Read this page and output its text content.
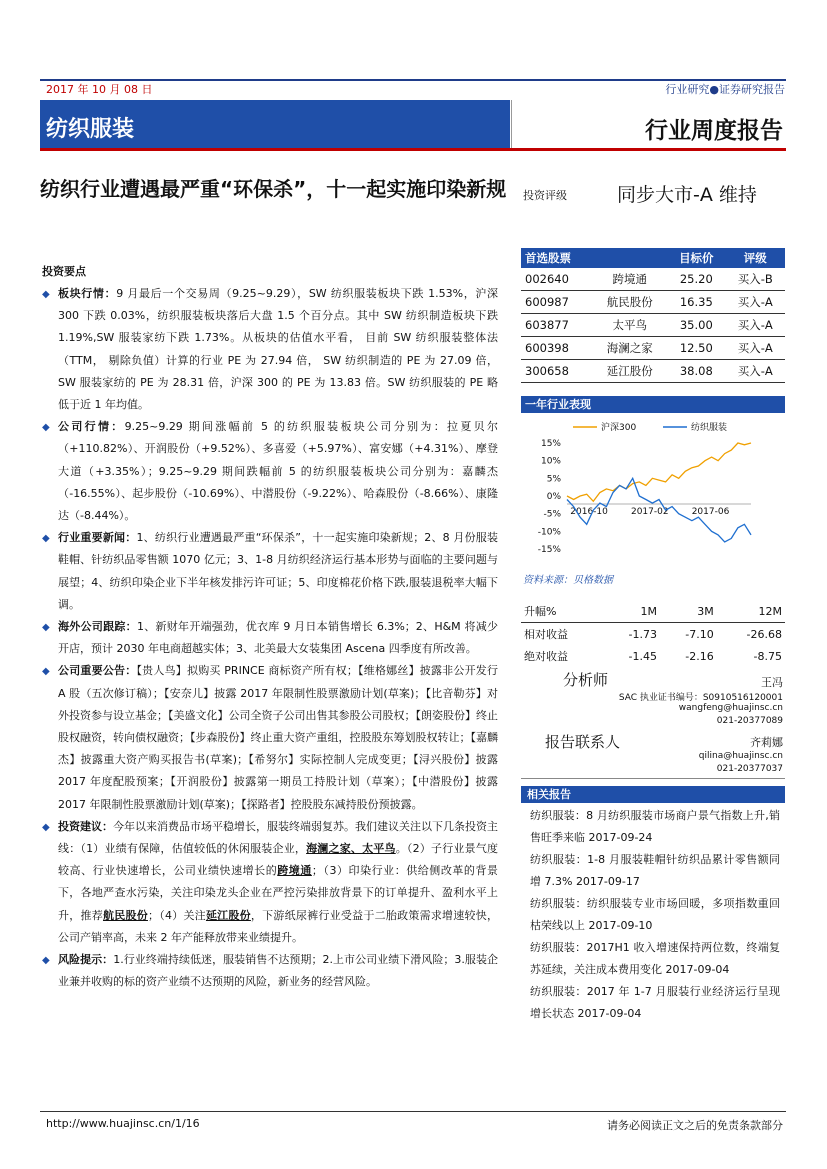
2017 年 10 月 08 日	行业研究●证券研究报告
纺织服装	行业周度报告
纺织行业遭遇最严重“环保杀”，十一起实施印染新规	投资评级	同步大市-A 维持
投资要点
◆ 板块行情：9 月最后一个交易周（9.25~9.29），SW 纺织服装板块下跌 1.53%，沪深 300 下跌 0.03%，纺织服装板块落后大盘 1.5 个百分点。其中 SW 纺织制造板块下跌 1.19%,SW 服装家纺下跌 1.73%。从板块的估值水平看， 目前 SW 纺织服装整体法（TTM， 剔除负值）计算的行业 PE 为 27.94 倍， SW 纺织制造的 PE 为 27.09 倍，SW 服装家纺的 PE 为 28.31 倍，沪深 300 的 PE 为 13.83 倍。SW 纺织服装的 PE 略低于近 1 年均值。
◆ 公司行情：9.25~9.29 期间涨幅前 5 的纺织服装板块公司分别为：拉夏贝尔（+110.82%）、开润股份（+9.52%）、多喜爱（+5.97%）、富安娜（+4.31%）、摩登大道（+3.35%）；9.25~9.29 期间跌幅前 5 的纺织服装板块公司分别为：嘉麟杰（-16.55%）、起步股份（-10.69%）、中潜股份（-9.22%）、哈森股份（-8.66%）、康隆达（-8.44%）。
◆ 行业重要新闻：1、纺织行业遭遇最严重“环保杀”，十一起实施印染新规；2、8 月份服装鞋帽、针纺织品零售额 1070 亿元；3、1-8 月纺织经济运行基本形势与面临的主要问题与展望；4、纺织印染企业下半年核发排污许可证；5、印度棉花价格下跌,服装退税率大幅下调。
◆ 海外公司跟踪：1、新财年开端强劲，优衣库 9 月日本销售增长 6.3%；2、H&M 将减少开店，预计 2030 年电商超越实体；3、北美最大女装集团 Ascena 四季度有所改善。
◆ 公司重要公告：【贵人鸟】拟购买 PRINCE 商标资产所有权；【维格娜丝】披露非公开发行 A 股（五次修订稿）；【安奈儿】披露 2017 年限制性股票激励计划(草案)；【比音勒芬】对外投资参与设立基金；【美盛文化】公司全资子公司出售其参股公司股权；【朗姿股份】终止股权融资，转向债权融资；【步森股份】终止重大资产重组，控股股东筹划股权转让；【嘉麟杰】披露重大资产购买报告书(草案)；【希努尔】实际控制人完成变更；【浔兴股份】披露 2017 年度配股预案；【开润股份】披露第一期员工持股计划（草案）；【中潜股份】披露 2017 年限制性股票激励计划(草案)；【探路者】控股股东减持股份预披露。
◆ 投资建议：今年以来消费品市场平稳增长，服装终端弱复苏。我们建议关注以下几条投资主线：（1）业绩有保障，估值较低的休闲服装企业，海澜之家、太平鸟。（2）子行业景气度较高、行业快速增长，公司业绩快速增长的跨境通；（3）印染行业：供给侧改革的背景下，各地严查水污染，关注印染龙头企业在严控污染排放背景下的订单提升、盈利水平上升，推荐航民股份；（4）关注延江股份，下游纸尿裤行业受益于二胎政策需求增速较快，公司产销率高，未来 2 年产能释放带来业绩提升。
◆ 风险提示：1.行业终端持续低迷，服装销售不达预期；2.上市公司业绩下滑风险；3.服装企业兼并收购的标的资产业绩不达预期的风险，新业务的经营风险。
首选股票		目标价	评级
002640	跨境通	25.20	买入-B
600987	航民股份	16.35	买入-A
603877	太平鸟	35.00	买入-A
600398	海澜之家	12.50	买入-A
300658	延江股份	38.08	买入-A
一年行业表现
15%
10%
5%
0%
-5%
-10%
-15%
2016-10	2017-02	2017-06
沪深300	纺织服装
资料来源：贝格数据
升幅%	1M	3M	12M
相对收益	-1.73	-7.10	-26.68
绝对收益	-1.45	-2.16	-8.75
分析师	王冯
SAC 执业证书编号：S0910516120001
wangfeng@huajinsc.cn
021-20377089
报告联系人	齐莉娜
qilina@huajinsc.cn
021-20377037
相关报告
纺织服装：8 月纺织服装市场商户景气指数上升,销售旺季来临 2017-09-24
纺织服装：1-8 月服装鞋帽针纺织品累计零售额同增 7.3% 2017-09-17
纺织服装：纺织服装专业市场回暖，多项指数重回枯荣线以上 2017-09-10
纺织服装：2017H1 收入增速保持两位数，终端复苏延续，关注成本费用变化 2017-09-04
纺织服装：2017 年 1-7 月服装行业经济运行呈现增长状态 2017-09-04
http://www.huajinsc.cn/1/16	请务必阅读正文之后的免责条款部分
